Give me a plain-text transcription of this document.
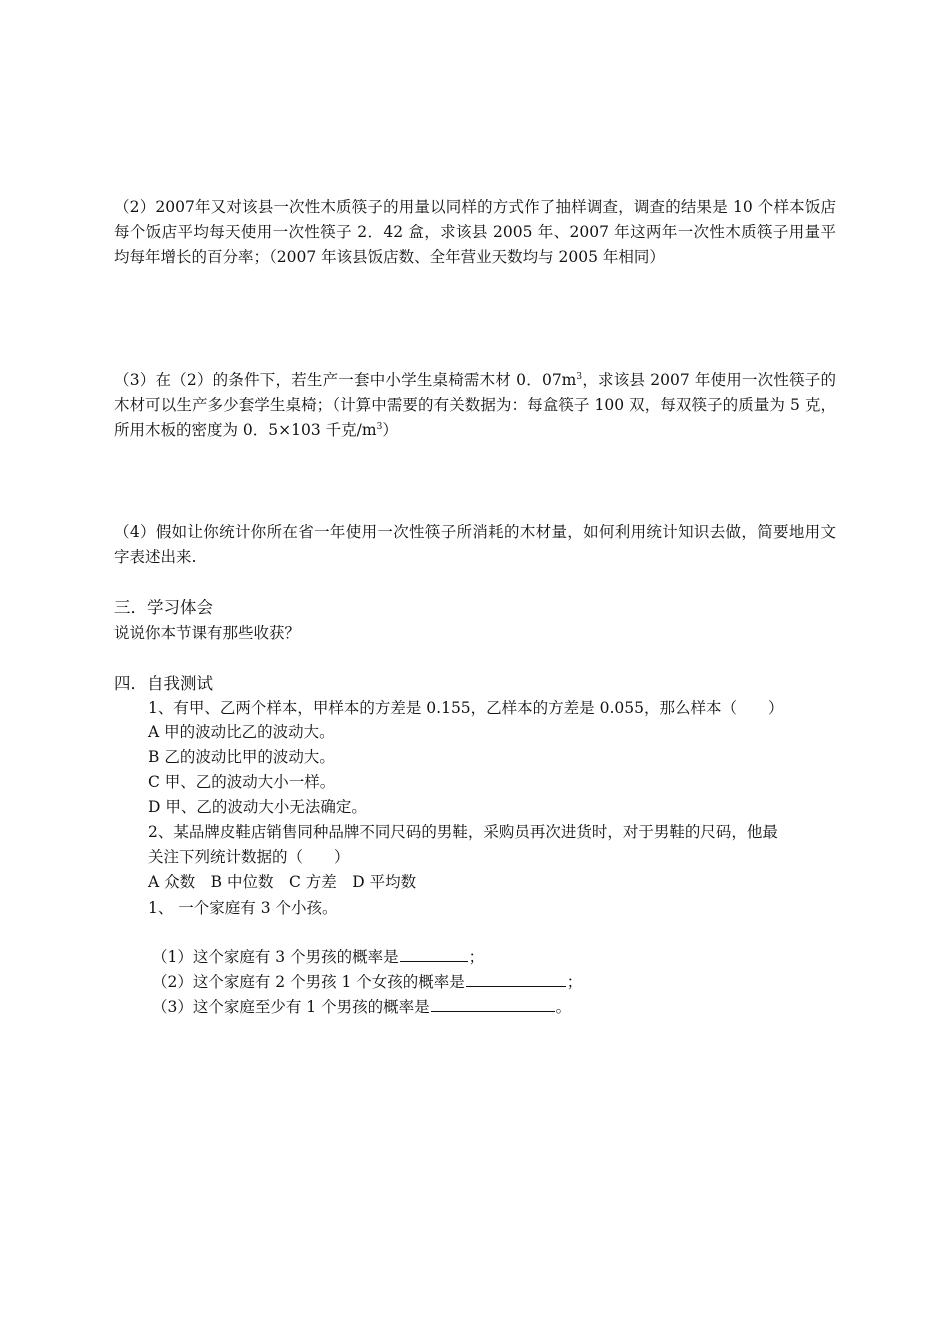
（2）2007年又对该县一次性木质筷子的用量以同样的方式作了抽样调查，调查的结果是 10 个样本饭店每个饭店平均每天使用一次性筷子 2．42 盒，求该县 2005 年、2007 年这两年一次性木质筷子用量平均每年增长的百分率；（2007 年该县饭店数、全年营业天数均与 2005 年相同）
（3）在（2）的条件下，若生产一套中小学生桌椅需木材 0．$07m^3$，求该县 2007 年使用一次性筷子的木材可以生产多少套学生桌椅；（计算中需要的有关数据为：每盒筷子 100 双，每双筷子的质量为 5 克，所用木板的密度为 0．5×103 千克$/m^3$）
（4）假如让你统计你所在省一年使用一次性筷子所消耗的木材量，如何利用统计知识去做，简要地用文字表述出来.
三．学习体会
说说你本节课有那些收获？
四．自我测试
1、有甲、乙两个样本，甲样本的方差是 0.155，乙样本的方差是 0.055，那么样本（　　）
A 甲的波动比乙的波动大。
B 乙的波动比甲的波动大。
C 甲、乙的波动大小一样。
D 甲、乙的波动大小无法确定。
2、某品牌皮鞋店销售同种品牌不同尺码的男鞋，采购员再次进货时，对于男鞋的尺码，他最
关注下列统计数据的（　　）
A 众数　B 中位数　C 方差　D 平均数
1、 一个家庭有 3 个小孩。
（1）这个家庭有 3 个男孩的概率是	；
（2）这个家庭有 2 个男孩 1 个女孩的概率是	；
（3）这个家庭至少有 1 个男孩的概率是	。
